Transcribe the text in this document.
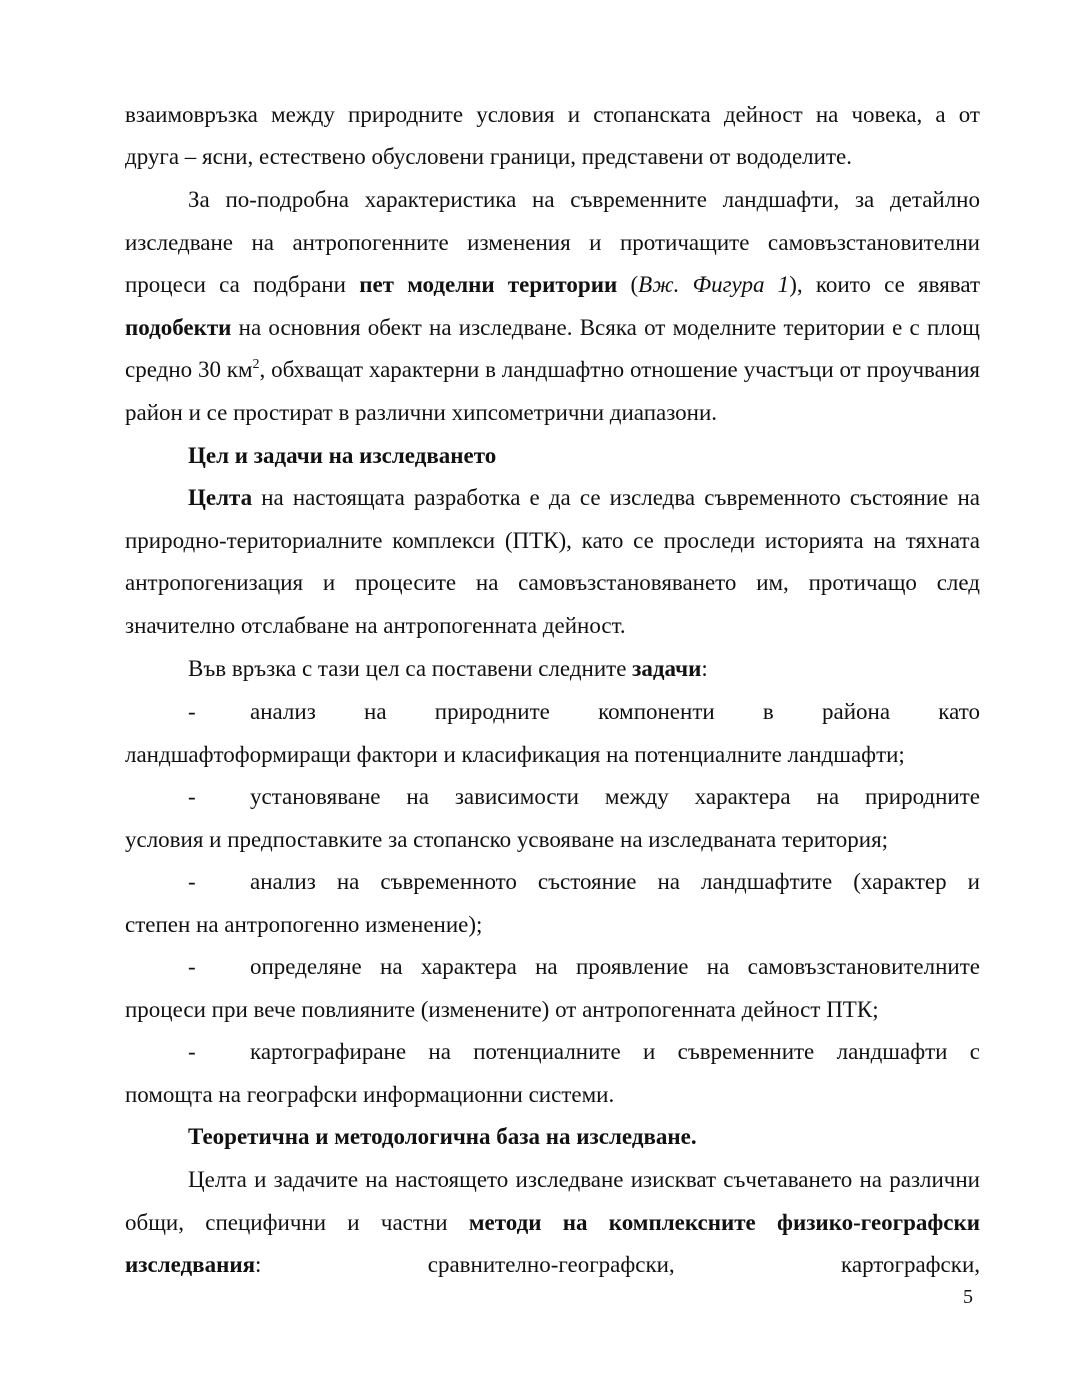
взаимовръзка между природните условия и стопанската дейност на човека, а от

друга – ясни, естествено обусловени граници, представени от вододелите.

За по-подробна характеристика на съвременните ландшафти, за детайлно изследване на антропогенните изменения и протичащите самовъзстановителни процеси са подбрани пет моделни територии (Вж. Фигура 1), които се явяват подобекти на основния обект на изследване. Всяка от моделните територии е с площ средно 30 $км^2$, обхващат характерни в ландшафтно отношение участъци от проучвания район и се простират в различни хипсометрични диапазони.

Цел и задачи на изследването

Целта на настоящата разработка е да се изследва съвременното състояние на природно-териториалните комплекси (ПТК), като се проследи историята на тяхната антропогенизация и процесите на самовъзстановяването им, протичащо след значително отслабване на антропогенната дейност.

Във връзка с тази цел са поставени следните задачи:

-	анализ на природните компоненти в района като
ландшафтоформиращи фактори и класификация на потенциалните ландшафти;
-	установяване на зависимости между характера на природните
условия и предпоставките за стопанско усвояване на изследваната територия;
-	анализ на съвременното състояние на ландшафтите (характер и
степен на антропогенно изменение);
-	определяне на характера на проявление на самовъзстановителните
процеси при вече повлияните (изменените) от антропогенната дейност ПТК;
-	картографиране на потенциалните и съвременните ландшафти с
помощта на географски информационни системи.

Теоретична и методологична база на изследване.

Целта и задачите на настоящето изследване изискват съчетаването на различни общи, специфични и частни методи на комплексните физико-географски изследвания: сравнително-географски, картографски,

5
